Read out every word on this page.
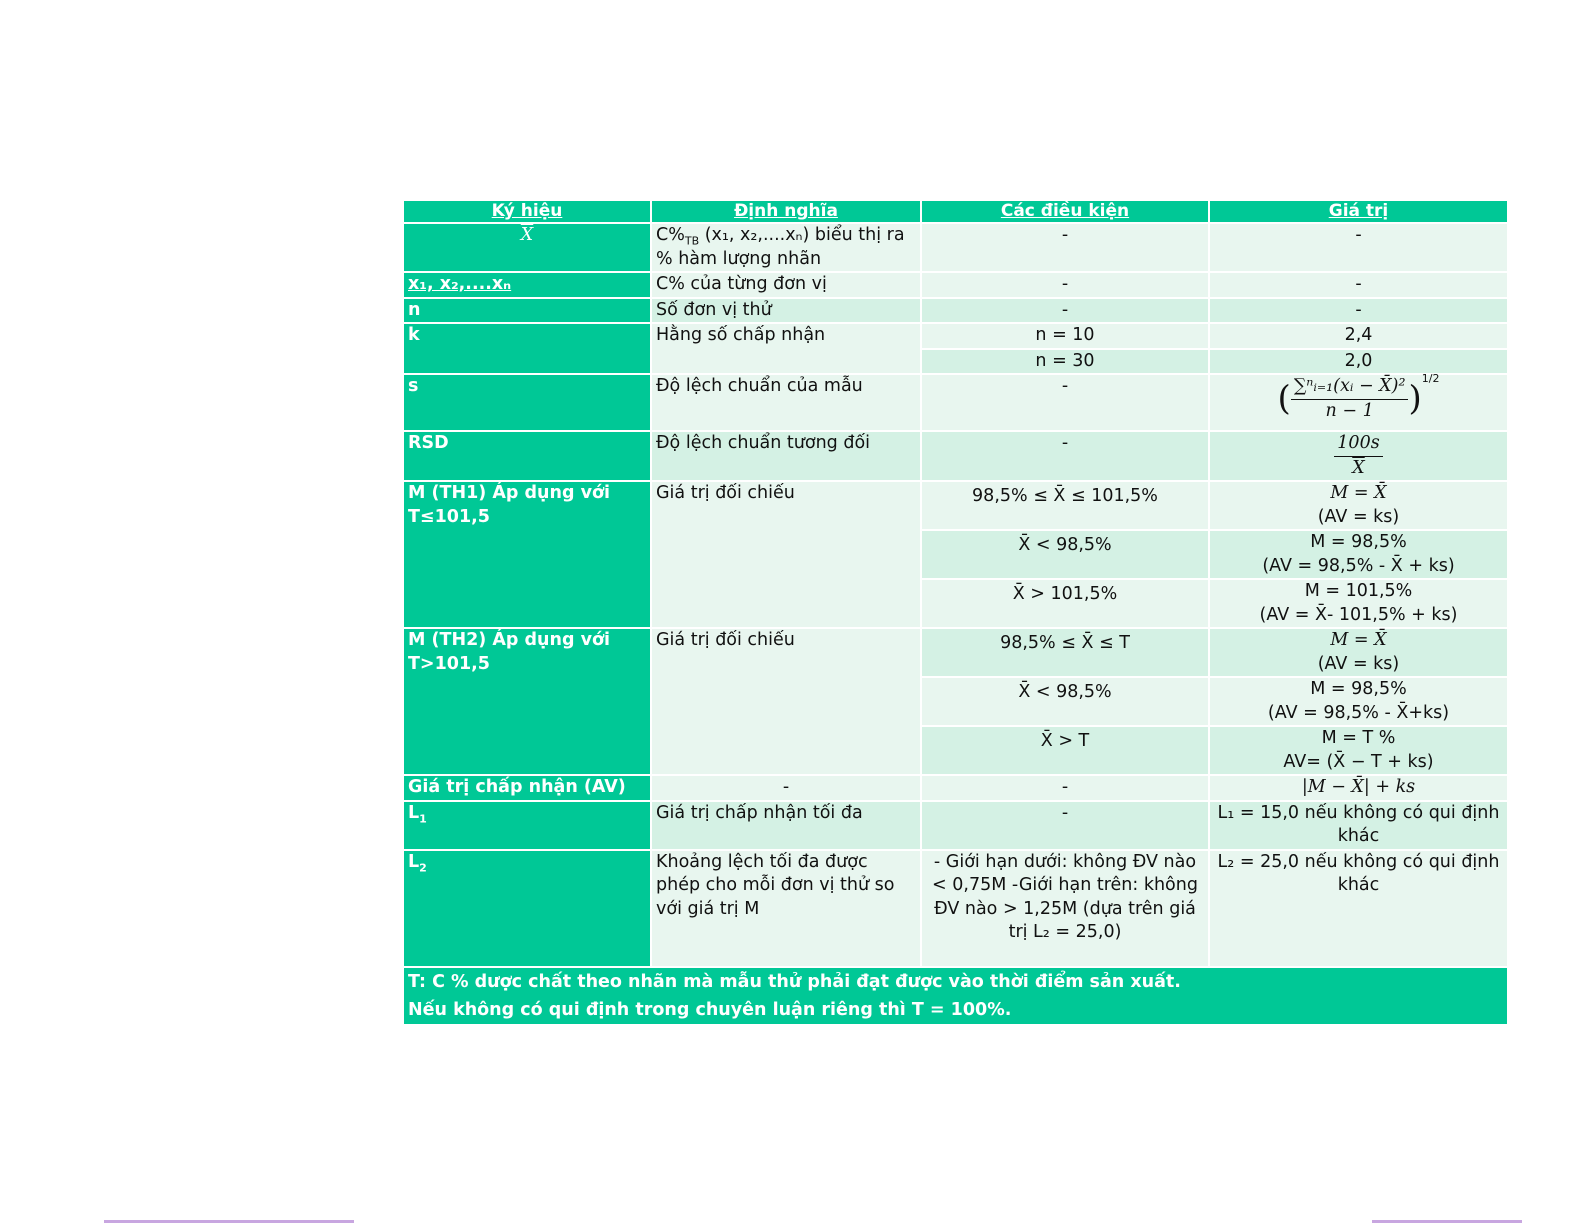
Ký hiệu	Định nghĩa	Các điều kiện	Giá trị
$\overline{X}$	$C\%_{TB}$ (x₁, x₂,....xₙ) biểu thị ra % hàm lượng nhãn	-	-
x₁, x₂,....xₙ	C% của từng đơn vị	-	-
n	Số đơn vị thử	-	-
k	Hằng số chấp nhận	n = 10	2,4
		n = 30	2,0
s	Độ lệch chuẩn của mẫu	-	( $\frac{\text{∑ⁿᵢ₌₁(xᵢ − X̄)²}}{n - 1} )^{1/2}$
RSD	Độ lệch chuẩn tương đối	-	$\frac{100s}{X}$

M (TH1) Áp dụng với T≤101,5	Giá trị đối chiếu	98,5% ≤ X̄ ≤ 101,5%	M = X̄
(AV = ks)

		X̄ < 98,5%	M = 98,5%
(AV = 98,5% - X̄ + ks)

		X̄ > 101,5%	M = 101,5%
(AV = X̄- 101,5% + ks)

M (TH2) Áp dụng với T>101,5	Giá trị đối chiếu	98,5% ≤ X̄ ≤ T	M = X̄
(AV = ks)

		X̄ < 98,5%	M = 98,5%
(AV = 98,5% - X̄+ks)

		X̄ > T	M = T %
AV= (X̄ − T + ks)

Giá trị chấp nhận (AV)	-	-	|M − X̄| + ks
$L_1$	Giá trị chấp nhận tối đa	-	L₁ = 15,0 nếu không có qui định khác
$L_2$	Khoảng lệch tối đa được phép cho mỗi đơn vị thử so với giá trị M	- Giới hạn dưới: không ĐV nào < 0,75M -Giới hạn trên: không ĐV nào > 1,25M (dựa trên giá trị L₂ = 25,0)	L₂ = 25,0 nếu không có qui định khác

T: C % dược chất theo nhãn mà mẫu thử phải đạt được vào thời điểm sản xuất.
Nếu không có qui định trong chuyên luận riêng thì T = 100%.			
